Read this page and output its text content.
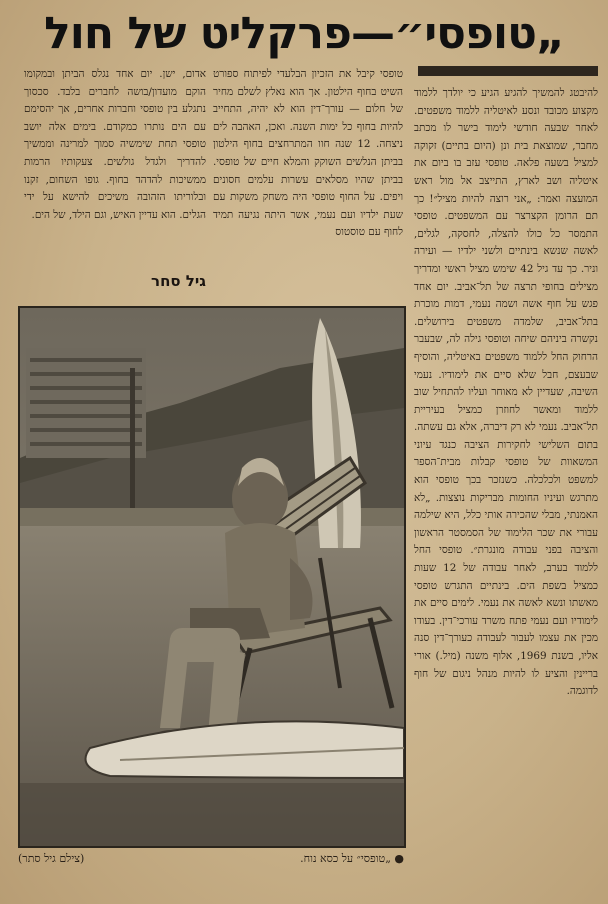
„טופסי״—פרקליט של חול

להיבטג להמשיך להגיע הגיע כי יולדך ללמוד מקצוע מכובד ונסע לאיטליה ללמוד משפטים. לאחר שבעה חודשי לימוד בישר לו מכתב מחבר, שמוצאת בית ונן (היום בתיים) זקוקה למציל בשעה פלאה. טופסי עזב בו ביום את איטליה ושב לארץ, התייצב אל מול ראש המועצה ואמר: „אני רוצה להיות מציל״! כך תם הרומן הקצרצר עם המשפטים. טופסי התמסר כל כולו להצלה, לחסקה, לגלים, לאשה שנשא בינתיים ולשני ילדיו — ועירה וניר. כך עד גיל 42 שימש מציל ראשי ומדריך מצילים בחופי תרצה של תל־אביב. יום אחד פגש על חוף אשה ושמה נעמי, דמות מוכרת בתל־אביב, שלמדה משפטים בירושלים. נקשרה ביניהם שיחה וטופסי גילה לה, שבעבר הרחוק החל ללמוד משפטים באיטליה, והוסיף שבעצם, חבל שלא סיים את לימודיו. נעמי השיבה, שעדיין לא מאוחר ועליו להתחיל שוב ללמוד ומאשר לחוזרן כמציל בעיריית תל־אביב. נעמי לא רק דיברה, אלא גם עשתה. בתום השלישי לחקירות הציבה כנגד עיוני המשאוות של טופסי קבלות מבית־הספר למשפט ולכלכלה. כשנזכר בכך טופסי הוא מתרגש ועיניו החומות מבריקות נוצצות. „לא האמנתי, מבלי שהכירה אותי כלל, היא שילמה עבורי את שכר הלימוד של הסמסטר הראשון והציבה בפני עבודה מונגרת״. טופסי החל ללמוד בערב, לאחר עבודה של 12 שעות כמציל בשפת הים. בינתיים התגרש טופסי מאשתו ונשא לאשה את נעמי. לימים סיים את לימודיו ועם נעמי פתח משרד עורכי־דין. בעודו מכין את עצמו לעבור לעבודה כעורך־דין סנה אליו, בשנת 1969, אלוף משנה (מיל.) אורי בריינין והציע לו להיות מנהל ניגום של חוף לדוגמה.

טופסי קיבל את הזכיון הבלעדי לפיתוח ספורט השיט בחוף הילטון. אך הוא נאלץ לשלם מחיר של חלום — עורך־דין הוא לא יהיה, התחייב להיות בחוף כל ימות השנה. ואכן, האהבה לים ניצחה. 12 שנה חוו המתרחצים בחוף הילטון בביתן הנלשים השוקק והמלא חיים של טופסי. בביתן שהיו מסלאים עשרות עלמים חסונים ויפים. על החוף טופסי היה משחק משקות עם שעת ילדיו ועם נעמי, אשר היתה נגיעה תמיד לחוף עם טוסטוס

אדום, ישן. יום אחד נגלס הביתן ובמקומו הוקם מועדון/בושה לחברים בלבד. סכסוך נתגלע בין טופסי וחברות אחרים, אך יהסימם עם הים נותרו כמקודם. בימים אלה יושב טופסי תחת שימשיה סמוך למרינה וממשיך להדריך ולגדל גולשים. צעקותיו הרמות ממשיכות להדהד בחוף. גופו השחום, זקנו ובלוריתו הזהובה משיכים להישא על ידי הגלים. הוא עדיין האיש, וגם הילד, של הים.

גיל סחר
● „טופסי״ על כסא נוח.
(צילם גיל סתר)
